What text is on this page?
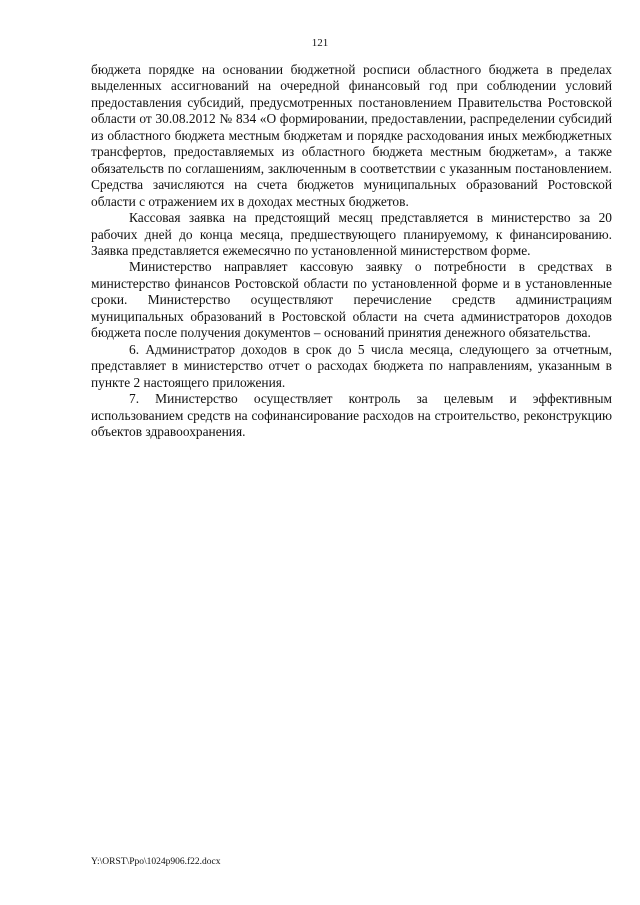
121

бюджета порядке на основании бюджетной росписи областного бюджета в пределах выделенных ассигнований на очередной финансовый год при соблюдении условий предоставления субсидий, предусмотренных постановлением Правительства Ростовской области от 30.08.2012 № 834 «О формировании, предоставлении, распределении субсидий из областного бюджета местным бюджетам и порядке расходования иных межбюджетных трансфертов, предоставляемых из областного бюджета местным бюджетам», а также обязательств по соглашениям, заключенным в соответствии с указанным постановлением. Средства зачисляются на счета бюджетов муниципальных образований Ростовской области с отражением их в доходах местных бюджетов.

Кассовая заявка на предстоящий месяц представляется в министерство за 20 рабочих дней до конца месяца, предшествующего планируемому, к финансированию. Заявка представляется ежемесячно по установленной министерством форме.

Министерство направляет кассовую заявку о потребности в средствах в министерство финансов Ростовской области по установленной форме и в установленные сроки. Министерство осуществляют перечисление средств администрациям муниципальных образований в Ростовской области на счета администраторов доходов бюджета после получения документов – оснований принятия денежного обязательства.

6. Администратор доходов в срок до 5 числа месяца, следующего за отчетным, представляет в министерство отчет о расходах бюджета по направлениям, указанным в пункте 2 настоящего приложения.

7. Министерство осуществляет контроль за целевым и эффективным использованием средств на софинансирование расходов на строительство, реконструкцию объектов здравоохранения.

Y:\ORST\Ppo\1024p906.f22.docx
